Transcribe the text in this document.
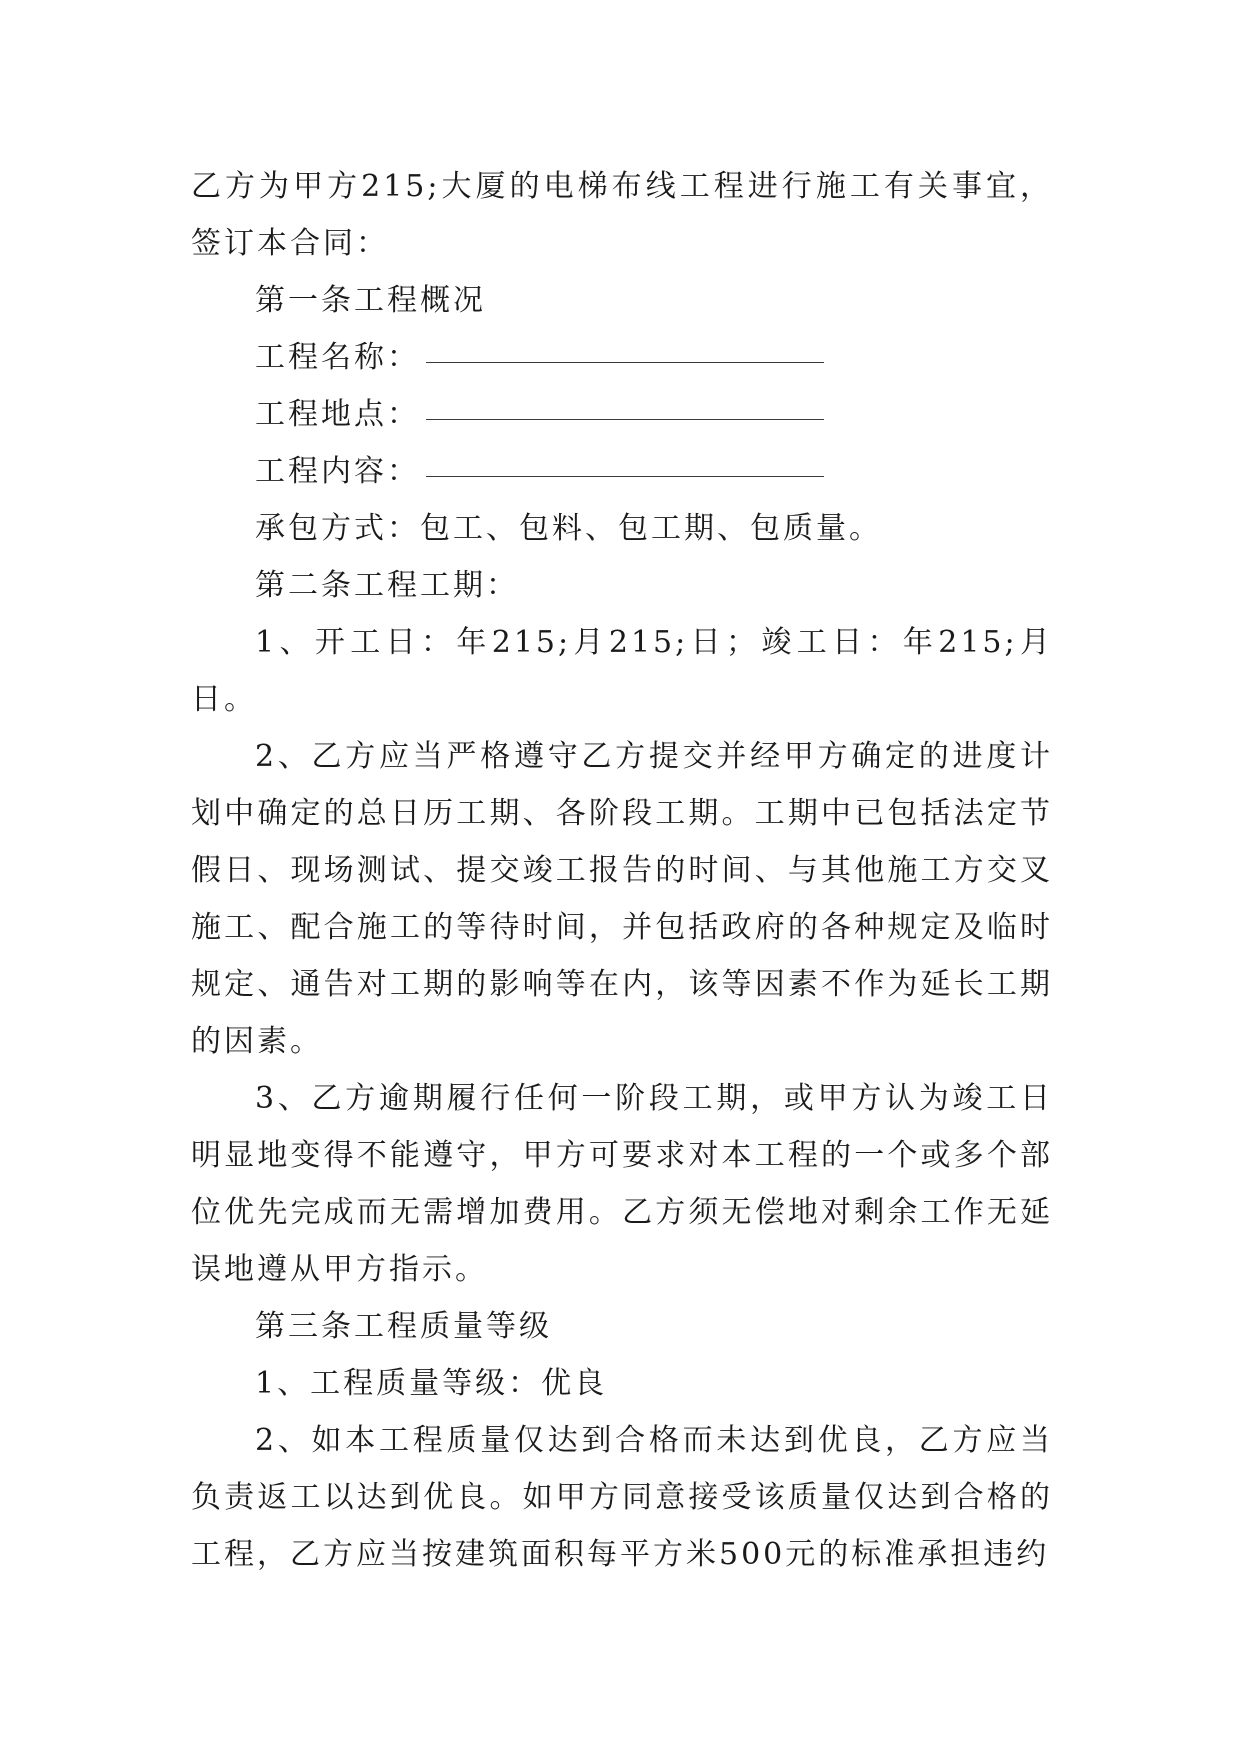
乙方为甲方215;大厦的电梯布线工程进行施工有关事宜，签订本合同：

第一条工程概况

工程名称：
工程地点：
工程内容：

承包方式：包工、包料、包工期、包质量。

第二条工程工期：

1、开工日：年215;月215;日；竣工日：年215;月日。

2、乙方应当严格遵守乙方提交并经甲方确定的进度计划中确定的总日历工期、各阶段工期。工期中已包括法定节假日、现场测试、提交竣工报告的时间、与其他施工方交叉施工、配合施工的等待时间，并包括政府的各种规定及临时规定、通告对工期的影响等在内，该等因素不作为延长工期的因素。

3、乙方逾期履行任何一阶段工期，或甲方认为竣工日明显地变得不能遵守，甲方可要求对本工程的一个或多个部位优先完成而无需增加费用。乙方须无偿地对剩余工作无延误地遵从甲方指示。

第三条工程质量等级

1、工程质量等级：优良

2、如本工程质量仅达到合格而未达到优良，乙方应当负责返工以达到优良。如甲方同意接受该质量仅达到合格的工程，乙方应当按建筑面积每平方米500元的标准承担违约
